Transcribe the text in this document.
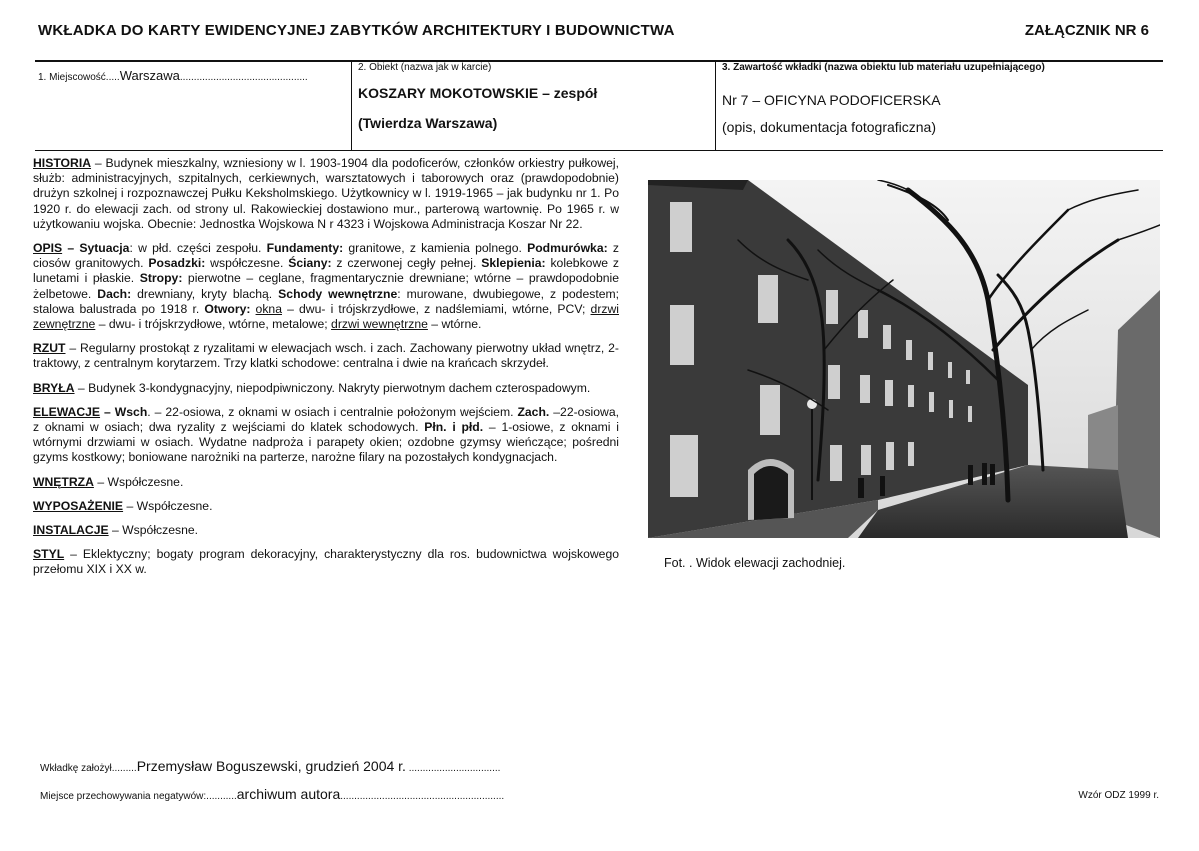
WKŁADKA DO KARTY EWIDENCYJNEJ ZABYTKÓW ARCHITEKTURY I BUDOWNICTWA	ZAŁĄCZNIK NR 6
1. Miejscowość.....Warszawa..............................................
2. Obiekt (nazwa jak w karcie)
KOSZARY MOKOTOWSKIE – zespół
(Twierdza Warszawa)
3. Zawartość wkładki (nazwa obiektu lub materiału uzupełniającego)
Nr 7 – OFICYNA PODOFICERSKA
(opis, dokumentacja fotograficzna)

HISTORIA – Budynek mieszkalny, wzniesiony w l. 1903-1904 dla podoficerów, członków orkiestry pułkowej, służb: administracyjnych, szpitalnych, cerkiewnych, warsztatowych i taborowych oraz (prawdopodobnie) drużyn szkolnej i rozpoznawczej Pułku Keksholmskiego. Użytkownicy w l. 1919-1965 – jak budynku nr 1. Po 1920 r. do elewacji zach. od strony ul. Rakowieckiej dostawiono mur., parterową wartownię. Po 1965 r. w użytkowaniu wojska. Obecnie: Jednostka Wojskowa N r 4323 i Wojskowa Administracja Koszar Nr 22.

OPIS – Sytuacja: w płd. części zespołu. Fundamenty: granitowe, z kamienia polnego. Podmurówka: z ciosów granitowych. Posadzki: współczesne. Ściany: z czerwonej cegły pełnej. Sklepienia: kolebkowe z lunetami i płaskie. Stropy: pierwotne – ceglane, fragmentarycznie drewniane; wtórne – prawdopodobnie żelbetowe. Dach: drewniany, kryty blachą. Schody wewnętrzne: murowane, dwubiegowe, z podestem; stalowa balustrada po 1918 r. Otwory: okna – dwu- i trójskrzydłowe, z nadślemiami, wtórne, PCV; drzwi zewnętrzne – dwu- i trójskrzydłowe, wtórne, metalowe; drzwi wewnętrzne – wtórne.

RZUT – Regularny prostokąt z ryzalitami w elewacjach wsch. i zach. Zachowany pierwotny układ wnętrz, 2-traktowy, z centralnym korytarzem. Trzy klatki schodowe: centralna i dwie na krańcach skrzydeł.

BRYŁA – Budynek 3-kondygnacyjny, niepodpiwniczony. Nakryty pierwotnym dachem czterospadowym.

ELEWACJE – Wsch. – 22-osiowa, z oknami w osiach i centralnie położonym wejściem. Zach. –22-osiowa, z oknami w osiach; dwa ryzality z wejściami do klatek schodowych. Płn. i płd. – 1-osiowe, z oknami i wtórnymi drzwiami w osiach. Wydatne nadproża i parapety okien; ozdobne gzymsy wieńczące; pośredni gzyms kostkowy; boniowane narożniki na parterze, narożne filary na pozostałych kondygnacjach.

WNĘTRZA – Współczesne.

WYPOSAŻENIE – Współczesne.

INSTALACJE – Współczesne.

STYL – Eklektyczny; bogaty program dekoracyjny, charakterystyczny dla ros. budownictwa wojskowego przełomu XIX i XX w.	Fot. . Widok elewacji zachodniej.
Wkładkę założył.........Przemysław Boguszewski, grudzień 2004 r. .................................
Miejsce przechowywania negatywów:...........archiwum autora...........................................................	Wzór ODZ 1999 r.
